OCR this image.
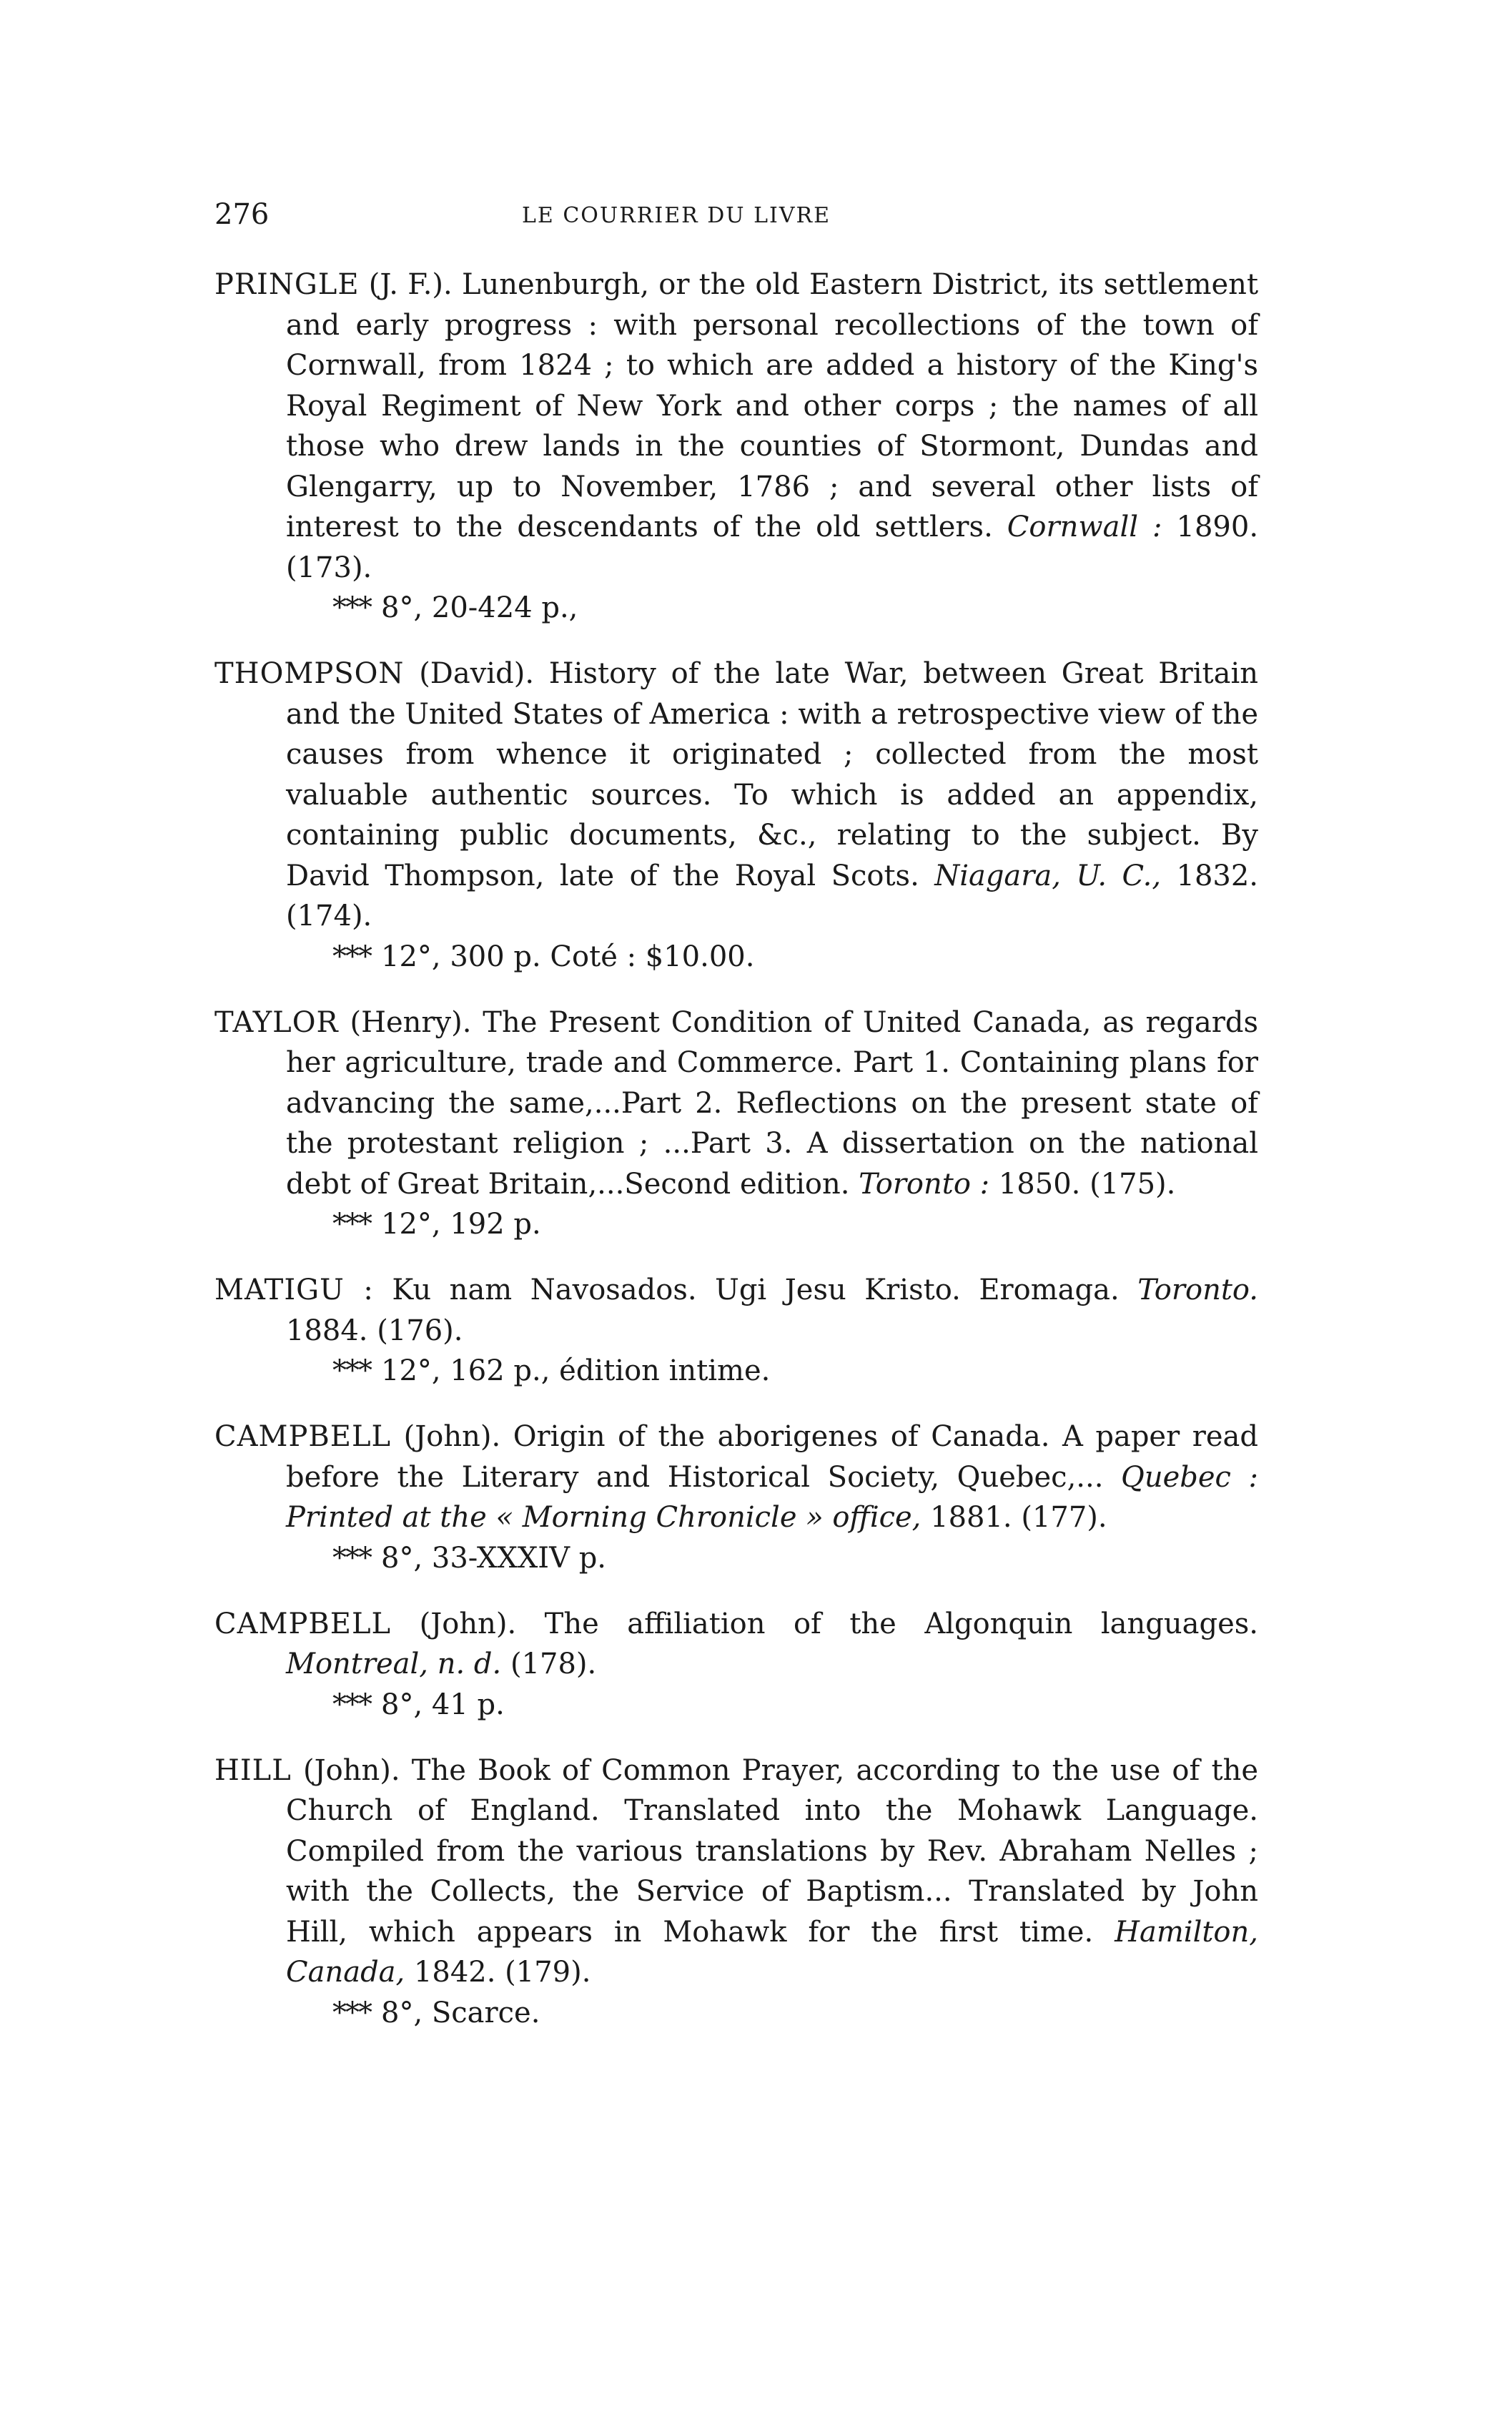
276	LE COURRIER DU LIVRE
PRINGLE (J. F.). Lunenburgh, or the old Eastern District, its settlement and early progress : with personal recollections of the town of Cornwall, from 1824 ; to which are added a history of the King's Royal Regiment of New York and other corps ; the names of all those who drew lands in the counties of Stormont, Dundas and Glengarry, up to November, 1786 ; and several other lists of interest to the descendants of the old settlers. Cornwall : 1890. (173).
*** 8°, 20-424 p.,
THOMPSON (David). History of the late War, between Great Britain and the United States of America : with a retrospective view of the causes from whence it originated ; collected from the most valuable authentic sources. To which is added an appendix, containing public documents, &c., relating to the subject. By David Thompson, late of the Royal Scots. Niagara, U. C., 1832. (174).
*** 12°, 300 p. Coté : $10.00.
TAYLOR (Henry). The Present Condition of United Canada, as regards her agriculture, trade and Commerce. Part 1. Containing plans for advancing the same,...Part 2. Reflections on the present state of the protestant religion ; ...Part 3. A dissertation on the national debt of Great Britain,...Second edition. Toronto : 1850. (175).
*** 12°, 192 p.
MATIGU : Ku nam Navosados. Ugi Jesu Kristo. Eromaga. Toronto. 1884. (176).
*** 12°, 162 p., édition intime.
CAMPBELL (John). Origin of the aborigenes of Canada. A paper read before the Literary and Historical Society, Quebec,... Quebec : Printed at the « Morning Chronicle » office, 1881. (177).
*** 8°, 33-XXXIV p.
CAMPBELL (John). The affiliation of the Algonquin languages. Montreal, n. d. (178).
*** 8°, 41 p.
HILL (John). The Book of Common Prayer, according to the use of the Church of England. Translated into the Mohawk Language. Compiled from the various translations by Rev. Abraham Nelles ; with the Collects, the Service of Baptism... Translated by John Hill, which appears in Mohawk for the first time. Hamilton, Canada, 1842. (179).
*** 8°, Scarce.
